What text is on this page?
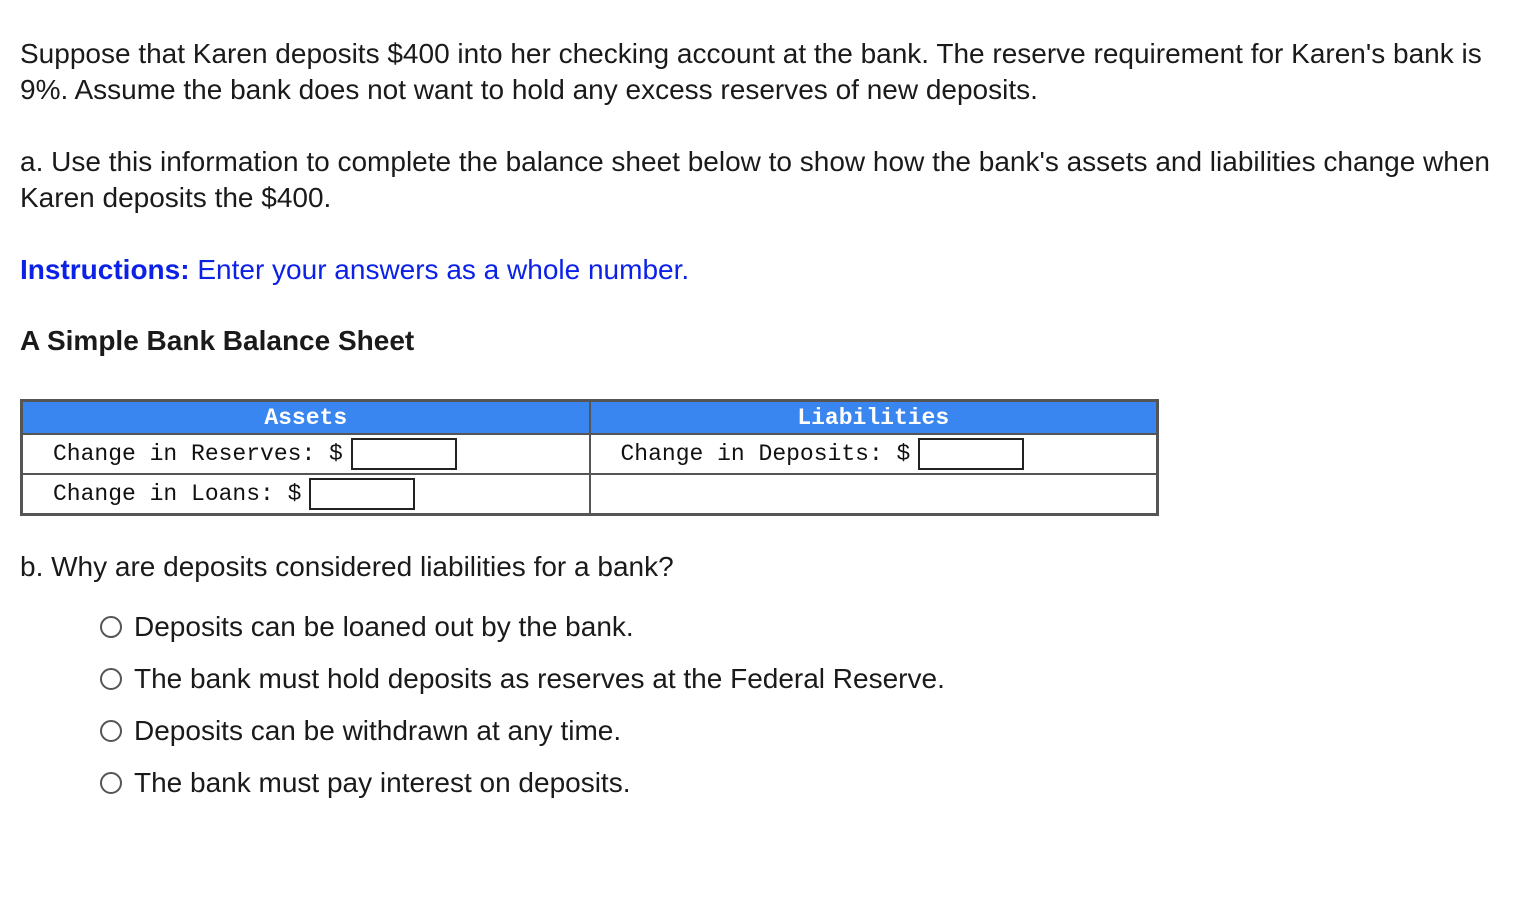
Suppose that Karen deposits $400 into her checking account at the bank. The reserve requirement for Karen's bank is 9%. Assume the bank does not want to hold any excess reserves of new deposits.

a. Use this information to complete the balance sheet below to show how the bank's assets and liabilities change when Karen deposits the $400.

Instructions: Enter your answers as a whole number.

A Simple Bank Balance Sheet

Assets	Liabilities
Change in Reserves: $	Change in Deposits: $
Change in Loans: $	

b. Why are deposits considered liabilities for a bank?

Deposits can be loaned out by the bank.
The bank must hold deposits as reserves at the Federal Reserve.
Deposits can be withdrawn at any time.
The bank must pay interest on deposits.
